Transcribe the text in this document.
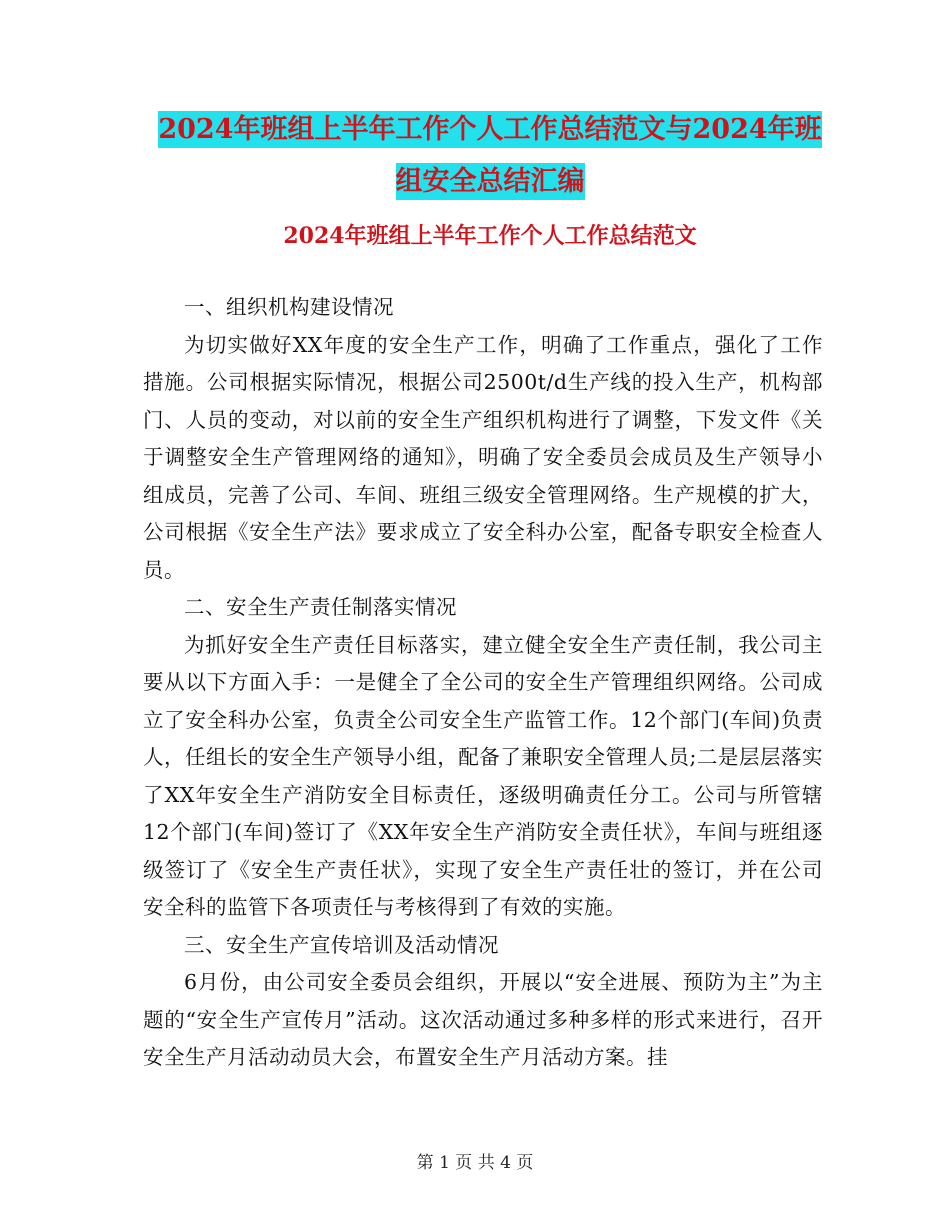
2024年班组上半年工作个人工作总结范文与2024年班
组安全总结汇编
2024年班组上半年工作个人工作总结范文

一、组织机构建设情况

为切实做好XX年度的安全生产工作，明确了工作重点，强化了工作措施。公司根据实际情况，根据公司2500t/d生产线的投入生产，机构部门、人员的变动，对以前的安全生产组织机构进行了调整，下发文件《关于调整安全生产管理网络的通知》，明确了安全委员会成员及生产领导小组成员，完善了公司、车间、班组三级安全管理网络。生产规模的扩大，公司根据《安全生产法》要求成立了安全科办公室，配备专职安全检查人员。

二、安全生产责任制落实情况

为抓好安全生产责任目标落实，建立健全安全生产责任制，我公司主要从以下方面入手：一是健全了全公司的安全生产管理组织网络。公司成立了安全科办公室，负责全公司安全生产监管工作。12个部门(车间)负责人，任组长的安全生产领导小组，配备了兼职安全管理人员;二是层层落实了XX年安全生产消防安全目标责任，逐级明确责任分工。公司与所管辖12个部门(车间)签订了《XX年安全生产消防安全责任状》，车间与班组逐级签订了《安全生产责任状》，实现了安全生产责任壮的签订，并在公司安全科的监管下各项责任与考核得到了有效的实施。

三、安全生产宣传培训及活动情况

6月份，由公司安全委员会组织，开展以“安全进展、预防为主”为主题的“安全生产宣传月”活动。这次活动通过多种多样的形式来进行，召开安全生产月活动动员大会，布置安全生产月活动方案。挂

第 1 页 共 4 页
